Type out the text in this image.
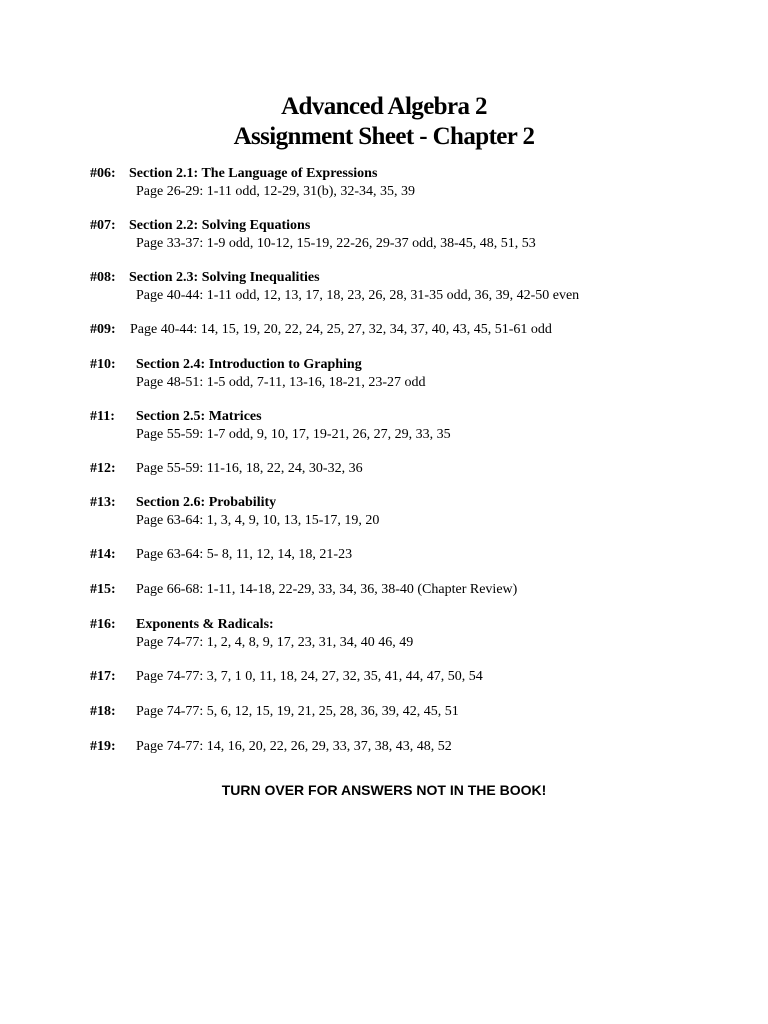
Advanced Algebra 2
Assignment Sheet - Chapter 2
#06: Section 2.1: The Language of Expressions
Page 26-29: 1-11 odd, 12-29, 31(b), 32-34, 35, 39
#07: Section 2.2: Solving Equations
Page 33-37: 1-9 odd, 10-12, 15-19, 22-26, 29-37 odd, 38-45, 48, 51, 53
#08: Section 2.3: Solving Inequalities
Page 40-44: 1-11 odd, 12, 13, 17, 18, 23, 26, 28, 31-35 odd, 36, 39, 42-50 even
#09: Page 40-44: 14, 15, 19, 20, 22, 24, 25, 27, 32, 34, 37, 40, 43, 45, 51-61 odd
#10: Section 2.4: Introduction to Graphing
Page 48-51: 1-5 odd, 7-11, 13-16, 18-21, 23-27 odd
#11: Section 2.5: Matrices
Page 55-59: 1-7 odd, 9, 10, 17, 19-21, 26, 27, 29, 33, 35
#12: Page 55-59: 11-16, 18, 22, 24, 30-32, 36
#13: Section 2.6: Probability
Page 63-64: 1, 3, 4, 9, 10, 13, 15-17, 19, 20
#14: Page 63-64: 5- 8, 11, 12, 14, 18, 21-23
#15: Page 66-68: 1-11, 14-18, 22-29, 33, 34, 36, 38-40 (Chapter Review)
#16: Exponents & Radicals:
Page 74-77: 1, 2, 4, 8, 9, 17, 23, 31, 34, 40 46, 49
#17: Page 74-77: 3, 7, 1 0, 11, 18, 24, 27, 32, 35, 41, 44, 47, 50, 54
#18: Page 74-77: 5, 6, 12, 15, 19, 21, 25, 28, 36, 39, 42, 45, 51
#19: Page 74-77: 14, 16, 20, 22, 26, 29, 33, 37, 38, 43, 48, 52
TURN OVER FOR ANSWERS NOT IN THE BOOK!
